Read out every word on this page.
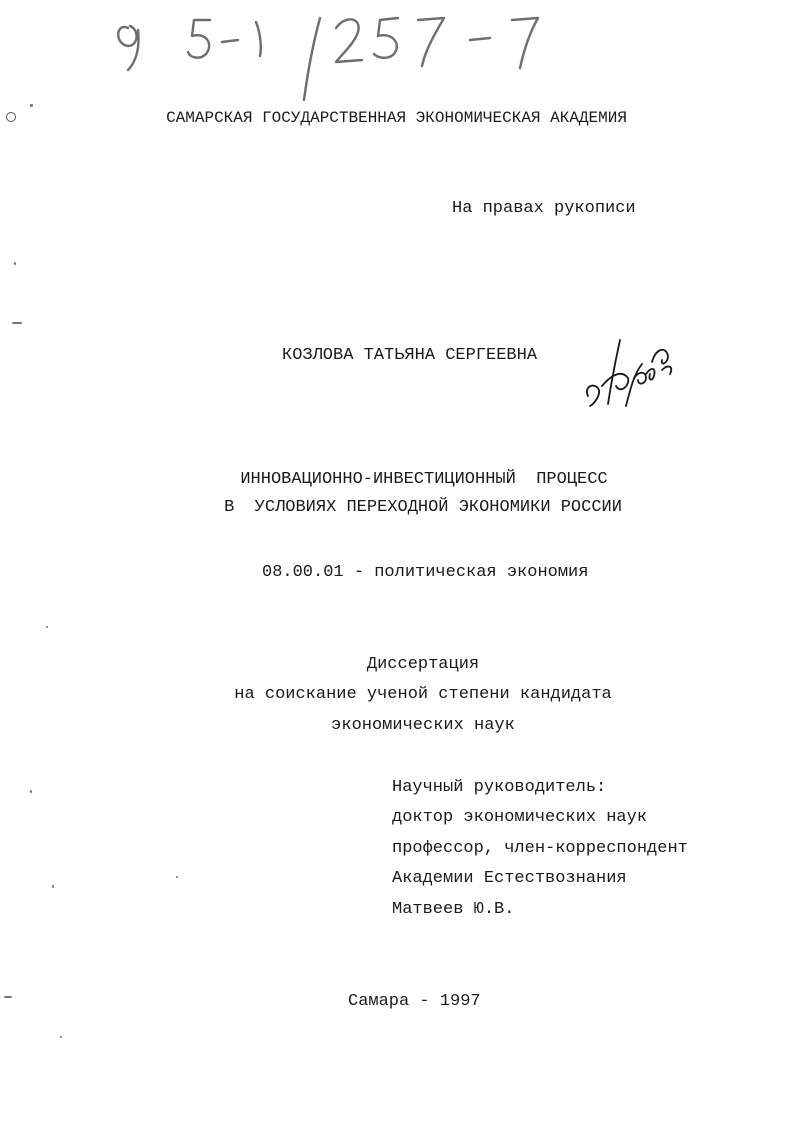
95-1/257-7
САМАРСКАЯ ГОСУДАРСТВЕННАЯ ЭКОНОМИЧЕСКАЯ АКАДЕМИЯ
На правах рукописи
КОЗЛОВА ТАТЬЯНА СЕРГЕЕВНА
ИННОВАЦИОННО-ИНВЕСТИЦИОННЫЙ  ПРОЦЕСС
В  УСЛОВИЯХ ПЕРЕХОДНОЙ ЭКОНОМИКИ РОССИИ
08.00.01 - политическая экономия
Диссертация
на соискание ученой степени кандидата
экономических наук
Научный руководитель:
доктор экономических наук
профессор, член-корреспондент
Академии Естествознания
Матвеев Ю.В.
Самара - 1997
